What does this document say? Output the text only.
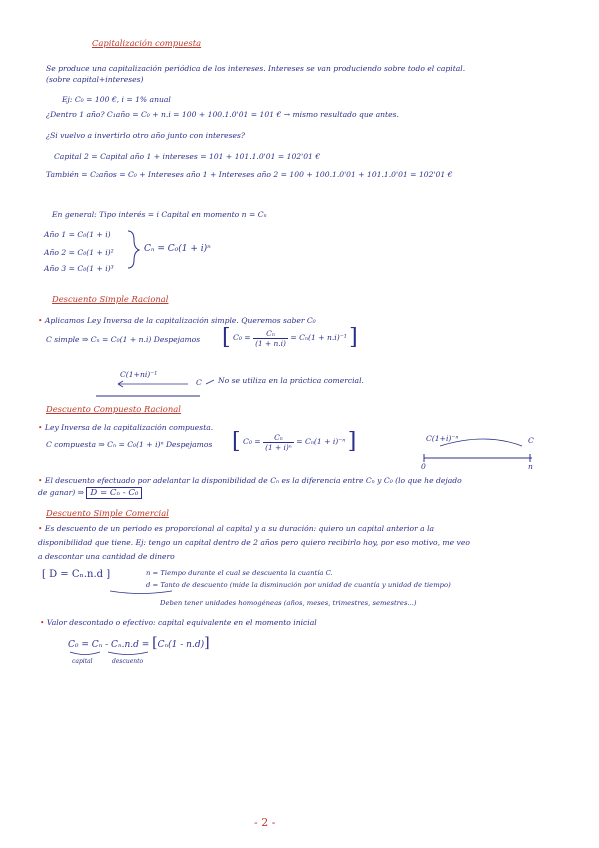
Capitalización compuesta
Se produce una capitalización periódica de los intereses. Intereses se van produciendo sobre todo el capital.
(sobre capital+intereses)
Ej: C₀ = 100 €, i = 1% anual
¿Dentro 1 año? C₁año = C₀ + n.i = 100 + 100.1.0'01 = 101 € → mismo resultado que antes.
¿Si vuelvo a invertirlo otro año junto con intereses?
Capital 2 = Capital año 1 + intereses = 101 + 101.1.0'01 = 102'01 €
También = C₂años = C₀ + Intereses año 1 + Intereses año 2 = 100 + 100.1.0'01 + 101.1.0'01 = 102'01 €
En general: Tipo interés = i Capital en momento n = Cₙ
Año 1 = C₀(1 + i)
Año 2 = C₀(1 + i)²
Año 3 = C₀(1 + i)³
Cₙ = C₀(1 + i)ⁿ
Descuento Simple Racional
• Aplicamos Ley Inversa de la capitalización simple. Queremos saber C₀
C simple ⇒ Cₙ = C₀(1 + n.i) Despejamos [ $C_0 = \frac{\text{Cₙ}}{(1 + n.i)} = C_n(1 + n.i)^{-1}$ ]
C(1+ni)⁻¹
C No se utiliza en la práctica comercial.
Descuento Compuesto Racional
• Ley Inversa de la capitalización compuesta.
C compuesta ⇒ Cₙ = C₀(1 + i)ⁿ Despejamos [ $C_0 = \frac{\text{Cₙ}}{\text{(1 + i)ⁿ}} = C_n(1 + i)^{-n}$ ]	C(1+i)⁻ⁿ	C
0	n
• El descuento efectuado por adelantar la disponibilidad de Cₙ es la diferencia entre Cₙ y C₀ (lo que he dejado
de ganar) ⇒ D = Cₙ - C₀
Descuento Simple Comercial
• Es descuento de un periodo es proporcional al capital y a su duración: quiero un capital anterior a la
disponibilidad que tiene. Ej: tengo un capital dentro de 2 años pero quiero recibirlo hoy, por eso motivo, me veo
a descontar una cantidad de dinero
[ D = Cₙ.n.d ]	n = Tiempo durante el cual se descuenta la cuantía C.
d = Tanto de descuento (mide la disminución por unidad de cuantía y unidad de tiempo)
Deben tener unidades homogéneas (años, meses, trimestres, semestres...)
• Valor descontado o efectivo: capital equivalente en el momento inicial
C₀ = Cₙ - Cₙ.n.d = [Cₙ(1 - n.d)]
capital	descuento
- 2 -
